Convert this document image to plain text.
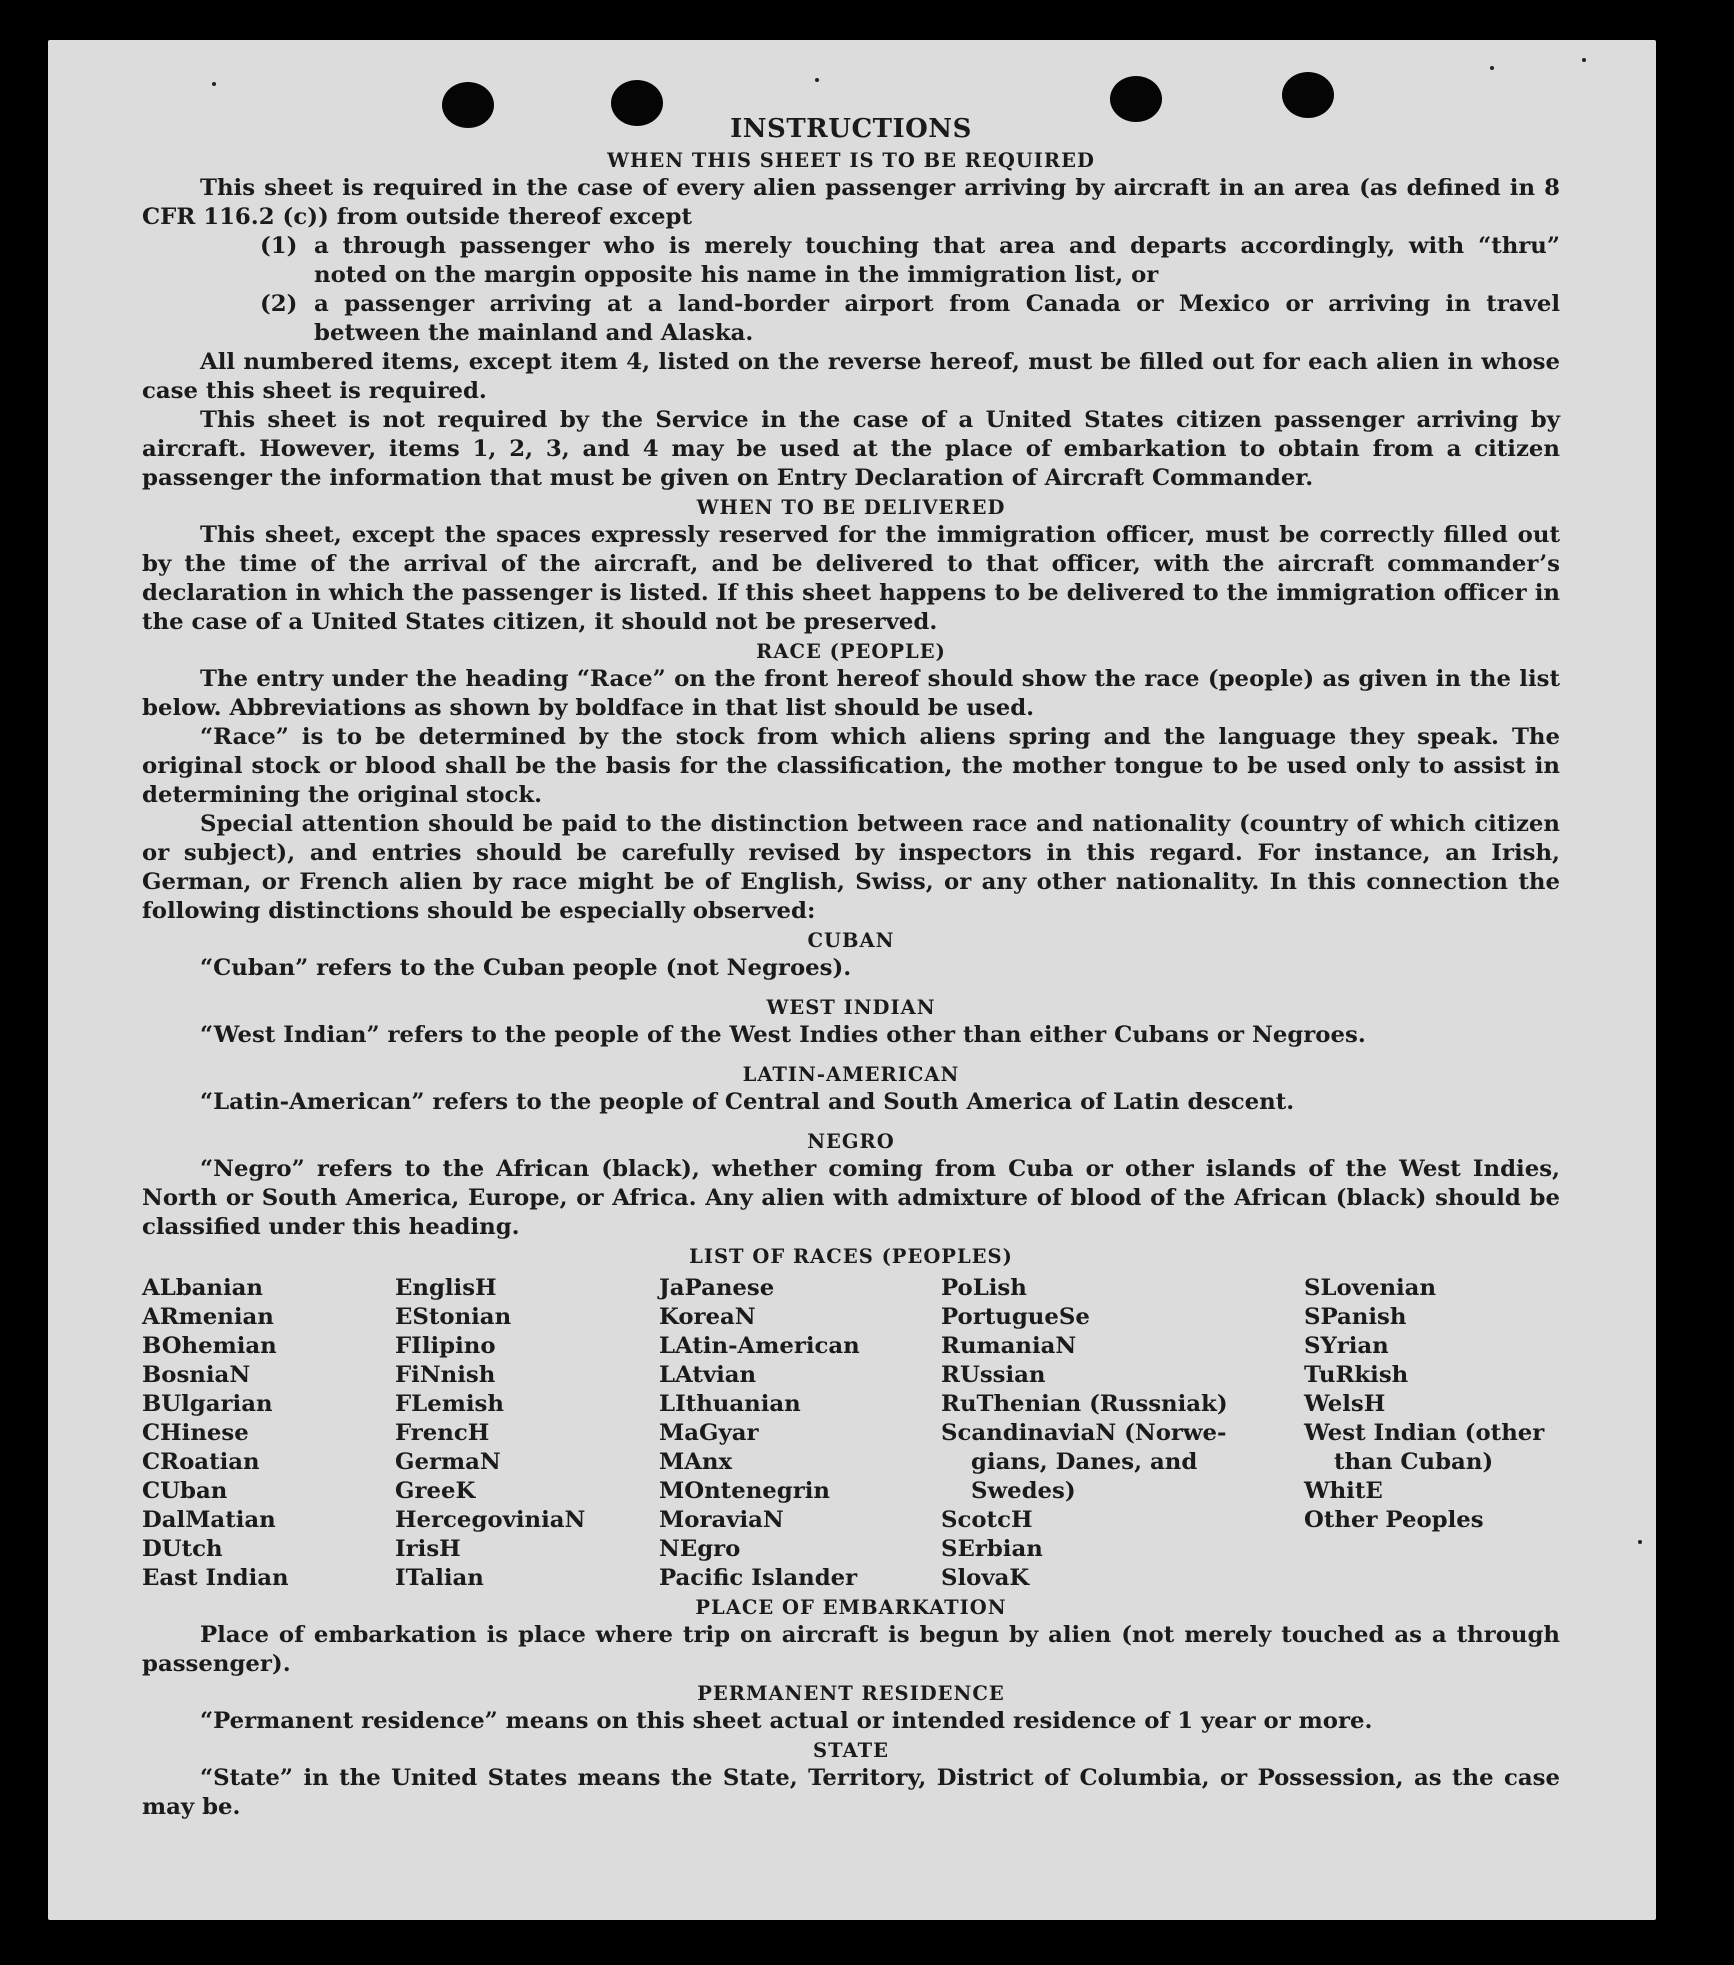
INSTRUCTIONS
WHEN THIS SHEET IS TO BE REQUIRED

This sheet is required in the case of every alien passenger arriving by aircraft in an area (as defined in 8 CFR 116.2 (c)) from outside thereof except

(1) a through passenger who is merely touching that area and departs accordingly, with “thru” noted on the margin opposite his name in the immigration list, or
(2) a passenger arriving at a land-border airport from Canada or Mexico or arriving in travel between the mainland and Alaska.

All numbered items, except item 4, listed on the reverse hereof, must be filled out for each alien in whose case this sheet is required.

This sheet is not required by the Service in the case of a United States citizen passenger arriving by aircraft. However, items 1, 2, 3, and 4 may be used at the place of embarkation to obtain from a citizen passenger the information that must be given on Entry Declaration of Aircraft Commander.

WHEN TO BE DELIVERED

This sheet, except the spaces expressly reserved for the immigration officer, must be correctly filled out by the time of the arrival of the aircraft, and be delivered to that officer, with the aircraft commander’s declaration in which the passenger is listed. If this sheet happens to be delivered to the immigration officer in the case of a United States citizen, it should not be preserved.

RACE (PEOPLE)

The entry under the heading “Race” on the front hereof should show the race (people) as given in the list below. Abbreviations as shown by boldface in that list should be used.

“Race” is to be determined by the stock from which aliens spring and the language they speak. The original stock or blood shall be the basis for the classification, the mother tongue to be used only to assist in determining the original stock.

Special attention should be paid to the distinction between race and nationality (country of which citizen or subject), and entries should be carefully revised by inspectors in this regard. For instance, an Irish, German, or French alien by race might be of English, Swiss, or any other nationality. In this connection the following distinctions should be especially observed:

CUBAN

“Cuban” refers to the Cuban people (not Negroes).

WEST INDIAN

“West Indian” refers to the people of the West Indies other than either Cubans or Negroes.

LATIN-AMERICAN

“Latin-American” refers to the people of Central and South America of Latin descent.

NEGRO

“Negro” refers to the African (black), whether coming from Cuba or other islands of the West Indies, North or South America, Europe, or Africa. Any alien with admixture of blood of the African (black) should be classified under this heading.

LIST OF RACES (PEOPLES)
ALbanian
ARmenian
BOhemian
BosniaN
BUlgarian
CHinese
CRoatian
CUban
DalMatian
DUtch
East Indian
EnglisH
EStonian
FIlipino
FiNnish
FLemish
FrencH
GermaN
GreeK
HercegoviniaN
IrisH
ITalian
JaPanese
KoreaN
LAtin-American
LAtvian
LIthuanian
MaGyar
MAnx
MOntenegrin
MoraviaN
NEgro
Pacific Islander
PoLish
PortugueSe
RumaniaN
RUssian
RuThenian (Russniak)
ScandinaviaN (Norwe-
gians, Danes, and
Swedes)
ScotcH
SErbian
SlovaK
SLovenian
SPanish
SYrian
TuRkish
WelsH
West Indian (other
than Cuban)
WhitE
Other Peoples
PLACE OF EMBARKATION

Place of embarkation is place where trip on aircraft is begun by alien (not merely touched as a through passenger).

PERMANENT RESIDENCE

“Permanent residence” means on this sheet actual or intended residence of 1 year or more.

STATE

“State” in the United States means the State, Territory, District of Columbia, or Possession, as the case may be.
